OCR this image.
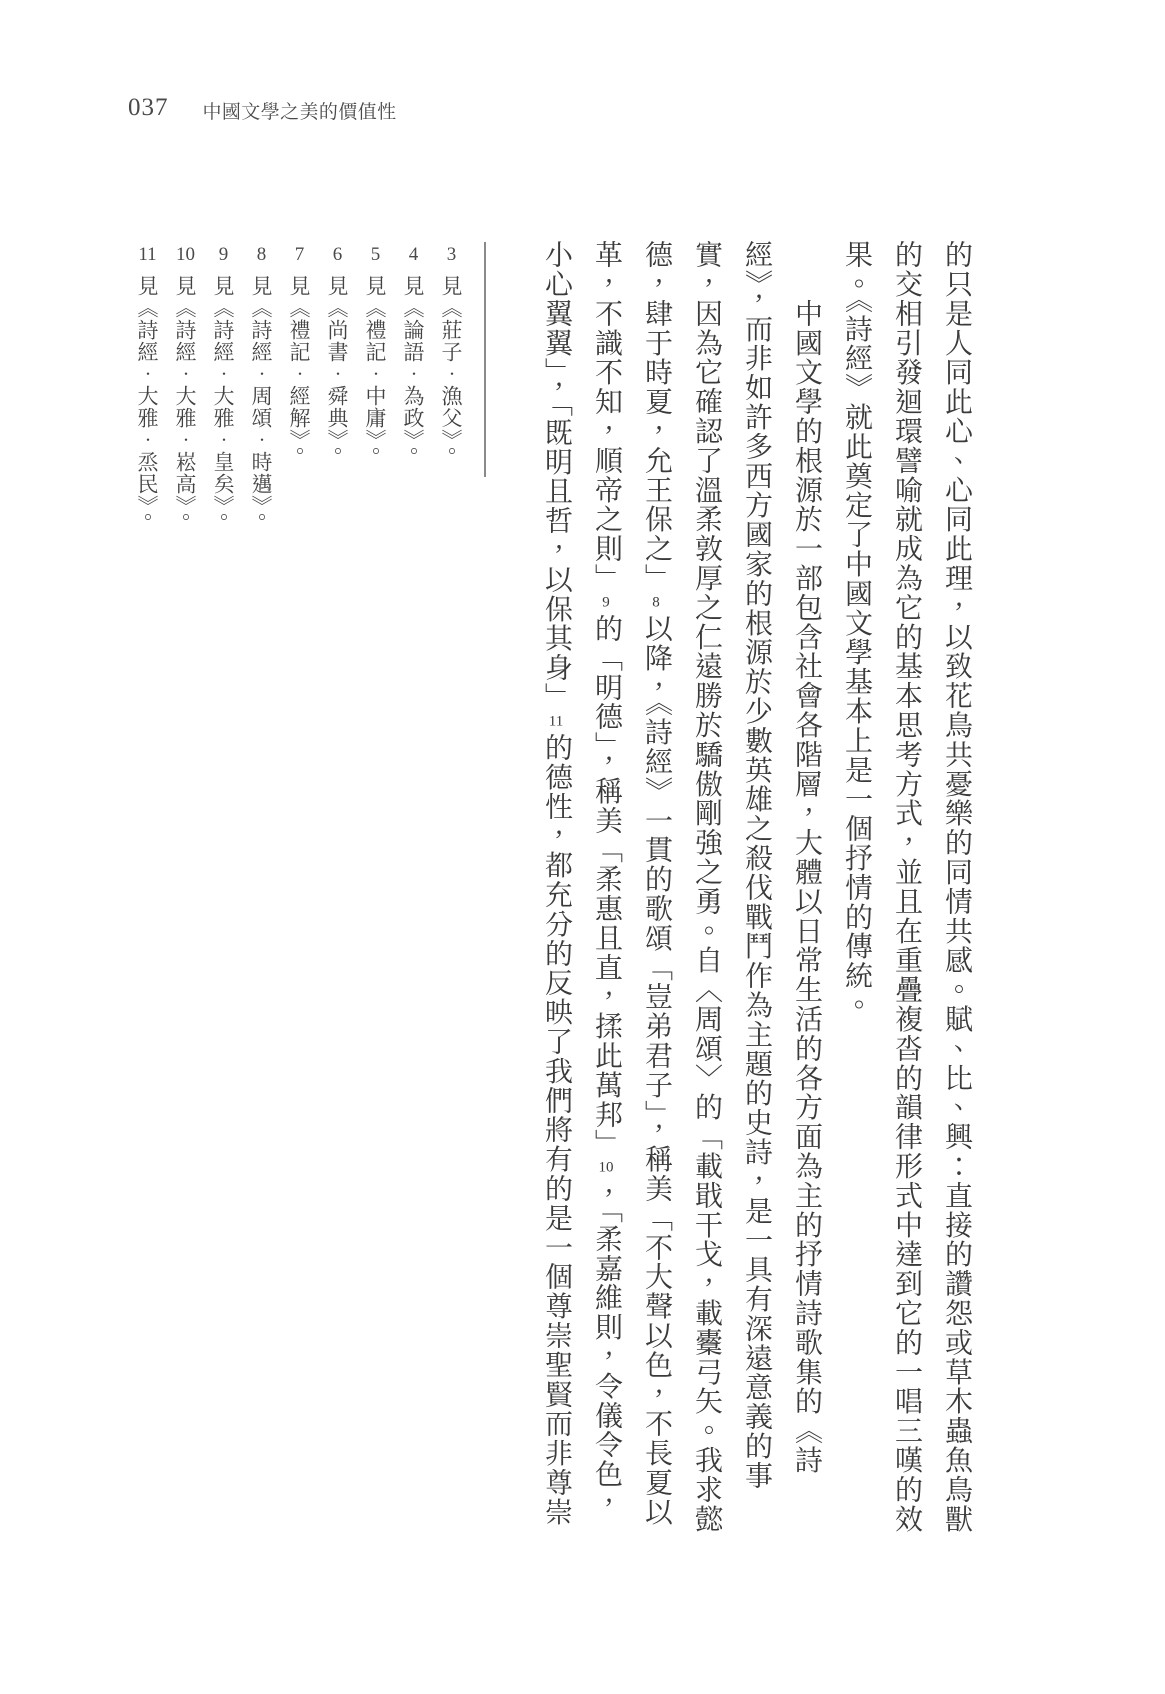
037 中國文學之美的價值性
的只是人同此心、心同此理，以致花鳥共憂樂的同情共感。賦、比、興：直接的讚怨或草木蟲魚鳥獸
的交相引發迴環譬喻就成為它的基本思考方式，並且在重疊複沓的韻律形式中達到它的一唱三嘆的效
果。《詩經》就此奠定了中國文學基本上是一個抒情的傳統。
　　中國文學的根源於一部包含社會各階層，大體以日常生活的各方面為主的抒情詩歌集的《詩
經》，而非如許多西方國家的根源於少數英雄之殺伐戰鬥作為主題的史詩，是一具有深遠意義的事
實，因為它確認了溫柔敦厚之仁遠勝於驕傲剛強之勇。自〈周頌〉的「載戢干戈，載櫜弓矢。我求懿
德，肆于時夏，允王保之」8以降，《詩經》一貫的歌頌「豈弟君子」，稱美「不大聲以色，不長夏以
革，不識不知，順帝之則」9的「明德」，稱美「柔惠且直，揉此萬邦」10，「柔嘉維則，令儀令色，
小心翼翼」，「既明且哲，以保其身」11的德性，都充分的反映了我們將有的是一個尊崇聖賢而非尊崇
3見《莊子．漁父》。
4見《論語．為政》。
5見《禮記．中庸》。
6見《尚書．舜典》。
7見《禮記．經解》。
8見《詩經．周頌．時邁》。
9見《詩經．大雅．皇矣》。
10見《詩經．大雅．崧高》。
11見《詩經．大雅．烝民》。
